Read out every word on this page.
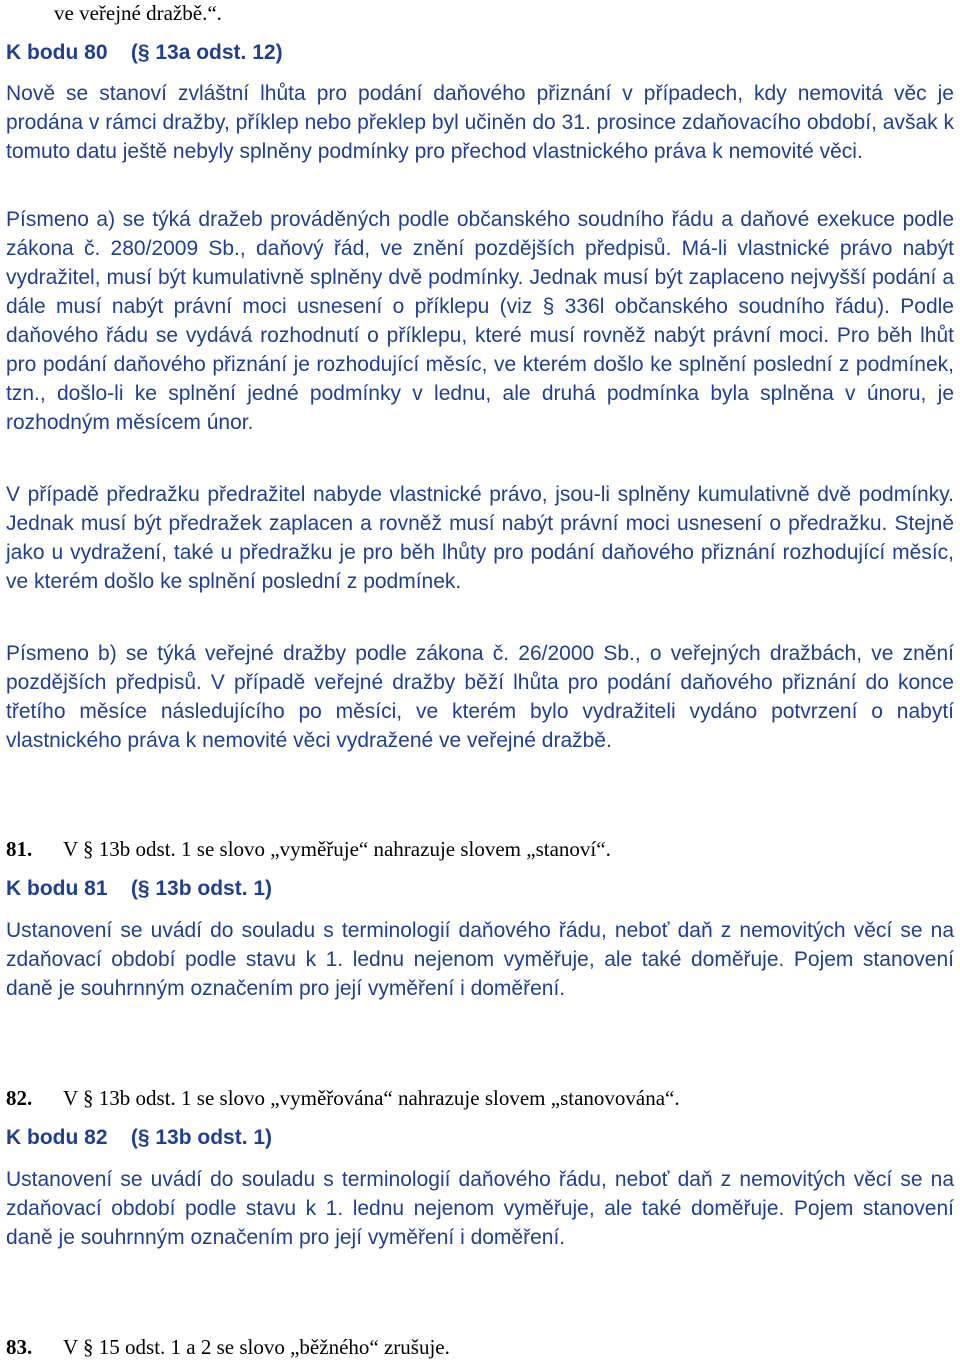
ve veřejné dražbě.“.
K bodu 80    (§ 13a odst. 12)
Nově se stanoví zvláštní lhůta pro podání daňového přiznání v případech, kdy nemovitá věc je prodána v rámci dražby, příklep nebo překlep byl učiněn do 31. prosince zdaňovacího období, avšak k tomuto datu ještě nebyly splněny podmínky pro přechod vlastnického práva k nemovité věci.
Písmeno a) se týká dražeb prováděných podle občanského soudního řádu a daňové exekuce podle zákona č. 280/2009 Sb., daňový řád, ve znění pozdějších předpisů. Má-li vlastnické právo nabýt vydražitel, musí být kumulativně splněny dvě podmínky. Jednak musí být zaplaceno nejvyšší podání a dále musí nabýt právní moci usnesení o příklepu (viz § 336l občanského soudního řádu). Podle daňového řádu se vydává rozhodnutí o příklepu, které musí rovněž nabýt právní moci. Pro běh lhůt pro podání daňového přiznání je rozhodující měsíc, ve kterém došlo ke splnění poslední z podmínek, tzn., došlo-li ke splnění jedné podmínky v lednu, ale druhá podmínka byla splněna v únoru, je rozhodným měsícem únor.
V případě předražku předražitel nabyde vlastnické právo, jsou-li splněny kumulativně dvě podmínky. Jednak musí být předražek zaplacen a rovněž musí nabýt právní moci usnesení o předražku. Stejně jako u vydražení, také u předražku je pro běh lhůty pro podání daňového přiznání rozhodující měsíc, ve kterém došlo ke splnění poslední z podmínek.
Písmeno b) se týká veřejné dražby podle zákona č. 26/2000 Sb., o veřejných dražbách, ve znění pozdějších předpisů. V případě veřejné dražby běží lhůta pro podání daňového přiznání do konce třetího měsíce následujícího po měsíci, ve kterém bylo vydražiteli vydáno potvrzení o nabytí vlastnického práva k nemovité věci vydražené ve veřejné dražbě.
81. V § 13b odst. 1 se slovo „vyměřuje“ nahrazuje slovem „stanoví“.
K bodu 81    (§ 13b odst. 1)
Ustanovení se uvádí do souladu s terminologií daňového řádu, neboť daň z nemovitých věcí se na zdaňovací období podle stavu k 1. lednu nejenom vyměřuje, ale také doměřuje. Pojem stanovení daně je souhrnným označením pro její vyměření i doměření.
82. V § 13b odst. 1 se slovo „vyměřována“ nahrazuje slovem „stanovována“.
K bodu 82    (§ 13b odst. 1)
Ustanovení se uvádí do souladu s terminologií daňového řádu, neboť daň z nemovitých věcí se na zdaňovací období podle stavu k 1. lednu nejenom vyměřuje, ale také doměřuje. Pojem stanovení daně je souhrnným označením pro její vyměření i doměření.
83. V § 15 odst. 1 a 2 se slovo „běžného“ zrušuje.
